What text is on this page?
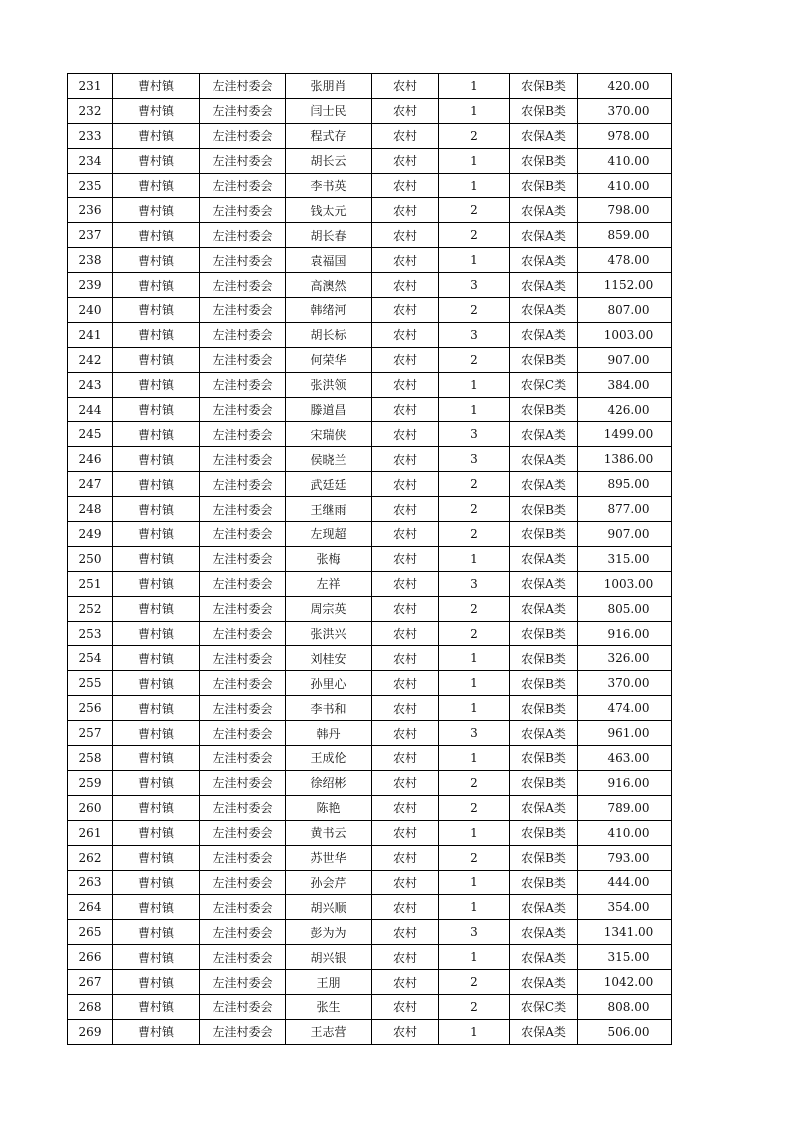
231	曹村镇	左洼村委会	张朋肖	农村	1	农保B类	420.00
232	曹村镇	左洼村委会	闫士民	农村	1	农保B类	370.00
233	曹村镇	左洼村委会	程式存	农村	2	农保A类	978.00
234	曹村镇	左洼村委会	胡长云	农村	1	农保B类	410.00
235	曹村镇	左洼村委会	李书英	农村	1	农保B类	410.00
236	曹村镇	左洼村委会	钱太元	农村	2	农保A类	798.00
237	曹村镇	左洼村委会	胡长春	农村	2	农保A类	859.00
238	曹村镇	左洼村委会	袁福国	农村	1	农保A类	478.00
239	曹村镇	左洼村委会	高澳然	农村	3	农保A类	1152.00
240	曹村镇	左洼村委会	韩绪河	农村	2	农保A类	807.00
241	曹村镇	左洼村委会	胡长标	农村	3	农保A类	1003.00
242	曹村镇	左洼村委会	何荣华	农村	2	农保B类	907.00
243	曹村镇	左洼村委会	张洪领	农村	1	农保C类	384.00
244	曹村镇	左洼村委会	滕道昌	农村	1	农保B类	426.00
245	曹村镇	左洼村委会	宋瑞侠	农村	3	农保A类	1499.00
246	曹村镇	左洼村委会	侯晓兰	农村	3	农保A类	1386.00
247	曹村镇	左洼村委会	武廷廷	农村	2	农保A类	895.00
248	曹村镇	左洼村委会	王继雨	农村	2	农保B类	877.00
249	曹村镇	左洼村委会	左现超	农村	2	农保B类	907.00
250	曹村镇	左洼村委会	张梅	农村	1	农保A类	315.00
251	曹村镇	左洼村委会	左祥	农村	3	农保A类	1003.00
252	曹村镇	左洼村委会	周宗英	农村	2	农保A类	805.00
253	曹村镇	左洼村委会	张洪兴	农村	2	农保B类	916.00
254	曹村镇	左洼村委会	刘桂安	农村	1	农保B类	326.00
255	曹村镇	左洼村委会	孙里心	农村	1	农保B类	370.00
256	曹村镇	左洼村委会	李书和	农村	1	农保B类	474.00
257	曹村镇	左洼村委会	韩丹	农村	3	农保A类	961.00
258	曹村镇	左洼村委会	王成伦	农村	1	农保B类	463.00
259	曹村镇	左洼村委会	徐绍彬	农村	2	农保B类	916.00
260	曹村镇	左洼村委会	陈艳	农村	2	农保A类	789.00
261	曹村镇	左洼村委会	黄书云	农村	1	农保B类	410.00
262	曹村镇	左洼村委会	苏世华	农村	2	农保B类	793.00
263	曹村镇	左洼村委会	孙会芹	农村	1	农保B类	444.00
264	曹村镇	左洼村委会	胡兴顺	农村	1	农保A类	354.00
265	曹村镇	左洼村委会	彭为为	农村	3	农保A类	1341.00
266	曹村镇	左洼村委会	胡兴银	农村	1	农保A类	315.00
267	曹村镇	左洼村委会	王朋	农村	2	农保A类	1042.00
268	曹村镇	左洼村委会	张生	农村	2	农保C类	808.00
269	曹村镇	左洼村委会	王志营	农村	1	农保A类	506.00
